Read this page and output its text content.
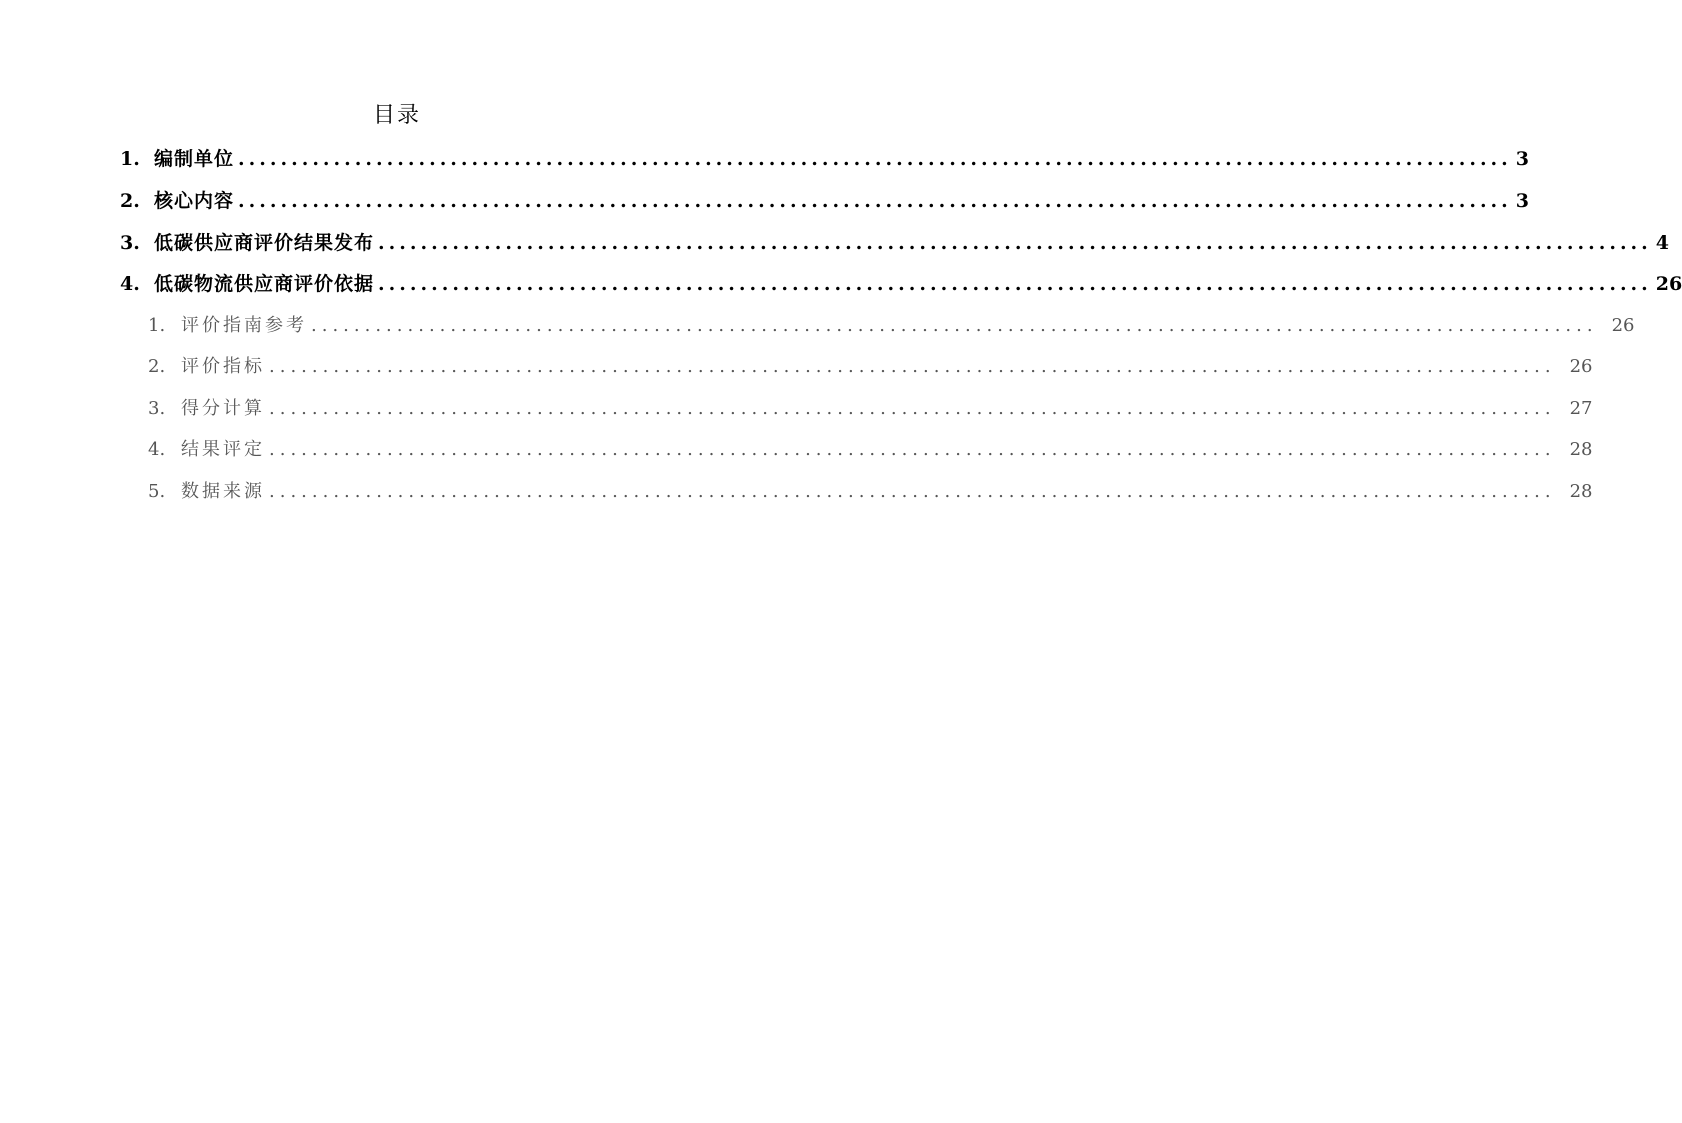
目录
1. 编制单位 ........................................................................................................................ 3
2. 核心内容 ........................................................................................................................ 3
3. 低碳供应商评价结果发布 ........................................................................................................................ 4
4. 低碳物流供应商评价依据 ........................................................................................................................ 26
1. 评价指南参考 ........................................................................................................................ 26
2. 评价指标 ........................................................................................................................ 26
3. 得分计算 ........................................................................................................................ 27
4. 结果评定 ........................................................................................................................ 28
5. 数据来源 ........................................................................................................................ 28
